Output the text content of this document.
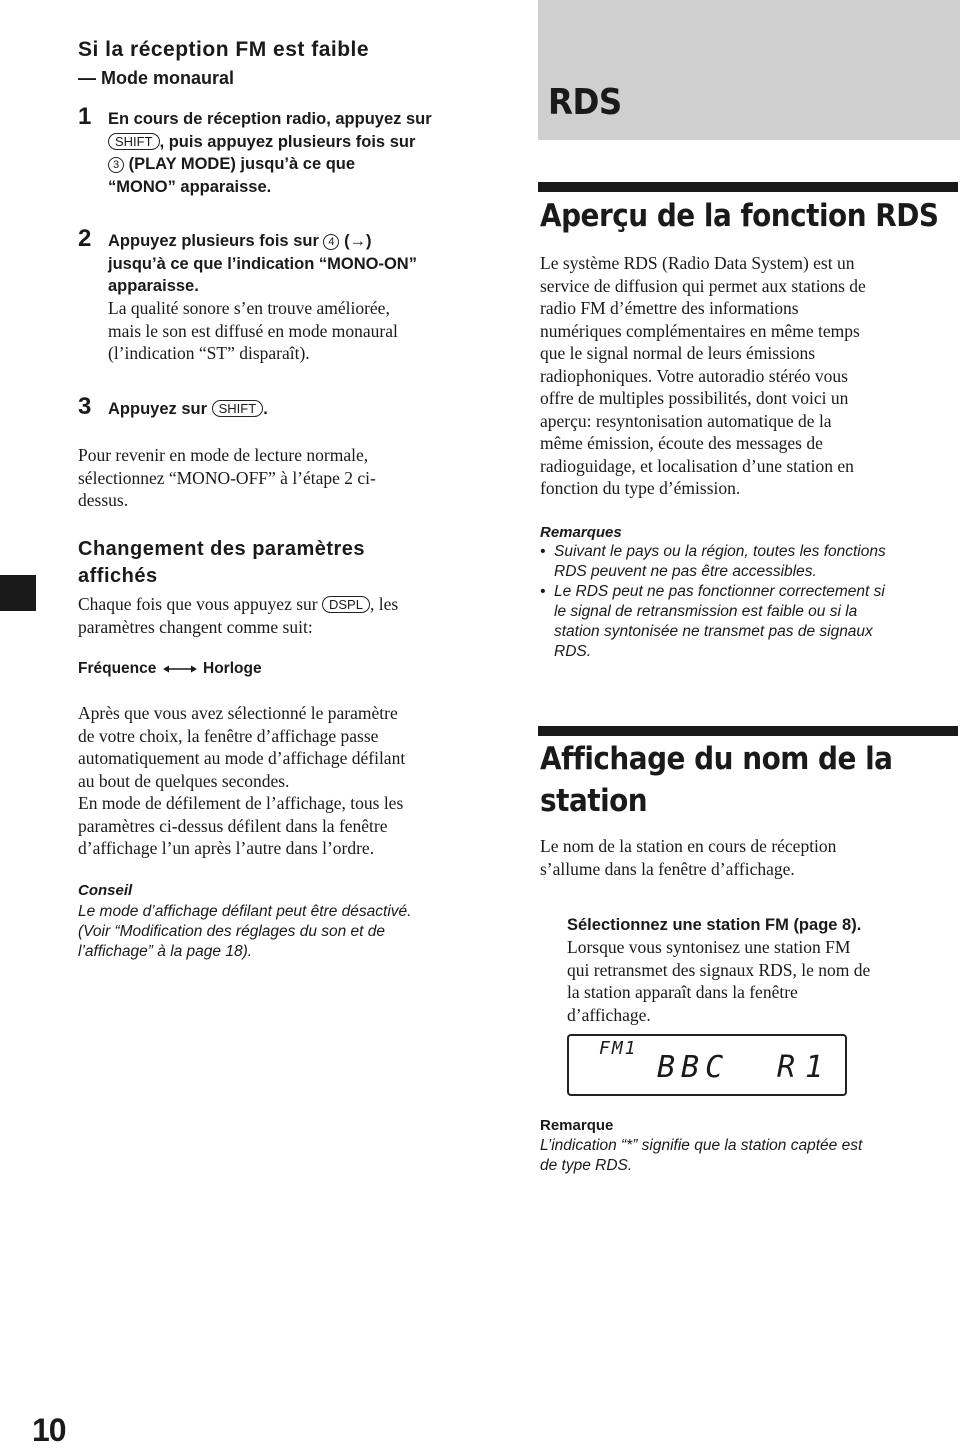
Si la réception FM est faible
— Mode monaural
1 En cours de réception radio, appuyez sur
SHIFT , puis appuyez plusieurs fois sur
3 (PLAY MODE) jusqu’à ce que
“MONO” apparaisse.
2 Appuyez plusieurs fois sur 4 (→)
jusqu’à ce que l’indication “MONO-ON”
apparaisse.
La qualité sonore s’en trouve améliorée,
mais le son est diffusé en mode monaural
(l’indication “ST” disparaît).
3 Appuyez sur SHIFT .
Pour revenir en mode de lecture normale,
sélectionnez “MONO-OFF” à l’étape 2 ci-
dessus.
Changement des paramètres
affichés
Chaque fois que vous appuyez sur DSPL , les
paramètres changent comme suit:
Fréquence	Horloge
Après que vous avez sélectionné le paramètre
de votre choix, la fenêtre d’affichage passe
automatiquement au mode d’affichage défilant
au bout de quelques secondes.
En mode de défilement de l’affichage, tous les
paramètres ci-dessus défilent dans la fenêtre
d’affichage l’un après l’autre dans l’ordre.
Conseil
Le mode d’affichage défilant peut être désactivé.
(Voir “Modification des réglages du son et de
l’affichage” à la page 18).
10
RDS
Aperçu de la fonction RDS
Le système RDS (Radio Data System) est un
service de diffusion qui permet aux stations de
radio FM d’émettre des informations
numériques complémentaires en même temps
que le signal normal de leurs émissions
radiophoniques. Votre autoradio stéréo vous
offre de multiples possibilités, dont voici un
aperçu: resyntonisation automatique de la
même émission, écoute des messages de
radioguidage, et localisation d’une station en
fonction du type d’émission.
Remarques
• Suivant le pays ou la région, toutes les fonctions
RDS peuvent ne pas être accessibles.
• Le RDS peut ne pas fonctionner correctement si
le signal de retransmission est faible ou si la
station syntonisée ne transmet pas de signaux
RDS.
Affichage du nom de la
station
Le nom de la station en cours de réception
s’allume dans la fenêtre d’affichage.
Sélectionnez une station FM (page 8).
Lorsque vous syntonisez une station FM
qui retransmet des signaux RDS, le nom de
la station apparaît dans la fenêtre
d’affichage.
FM1
BBC R1
Remarque
L’indication “*” signifie que la station captée est
de type RDS.
